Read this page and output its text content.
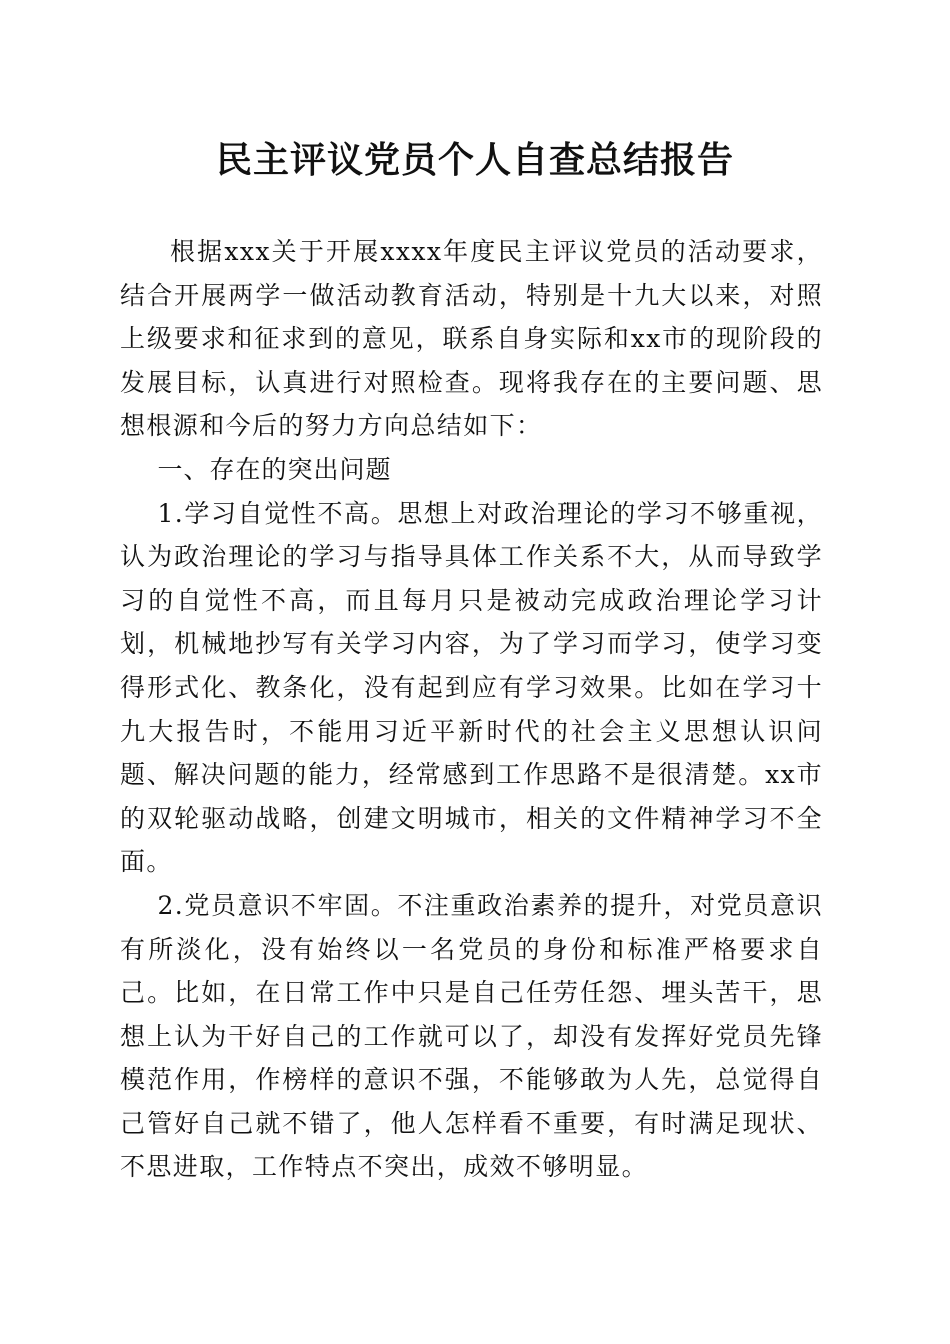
民主评议党员个人自查总结报告

根据xxx关于开展xxxx年度民主评议党员的活动要求，结合开展两学一做活动教育活动，特别是十九大以来，对照上级要求和征求到的意见，联系自身实际和xx市的现阶段的发展目标，认真进行对照检查。现将我存在的主要问题、思想根源和今后的努力方向总结如下：

一、存在的突出问题

1.学习自觉性不高。思想上对政治理论的学习不够重视，认为政治理论的学习与指导具体工作关系不大，从而导致学习的自觉性不高，而且每月只是被动完成政治理论学习计划，机械地抄写有关学习内容，为了学习而学习，使学习变得形式化、教条化，没有起到应有学习效果。比如在学习十九大报告时，不能用习近平新时代的社会主义思想认识问题、解决问题的能力，经常感到工作思路不是很清楚。xx市的双轮驱动战略，创建文明城市，相关的文件精神学习不全面。

2.党员意识不牢固。不注重政治素养的提升，对党员意识有所淡化，没有始终以一名党员的身份和标准严格要求自己。比如，在日常工作中只是自己任劳任怨、埋头苦干，思想上认为干好自己的工作就可以了，却没有发挥好党员先锋模范作用，作榜样的意识不强，不能够敢为人先，总觉得自己管好自己就不错了，他人怎样看不重要，有时满足现状、不思进取，工作特点不突出，成效不够明显。
